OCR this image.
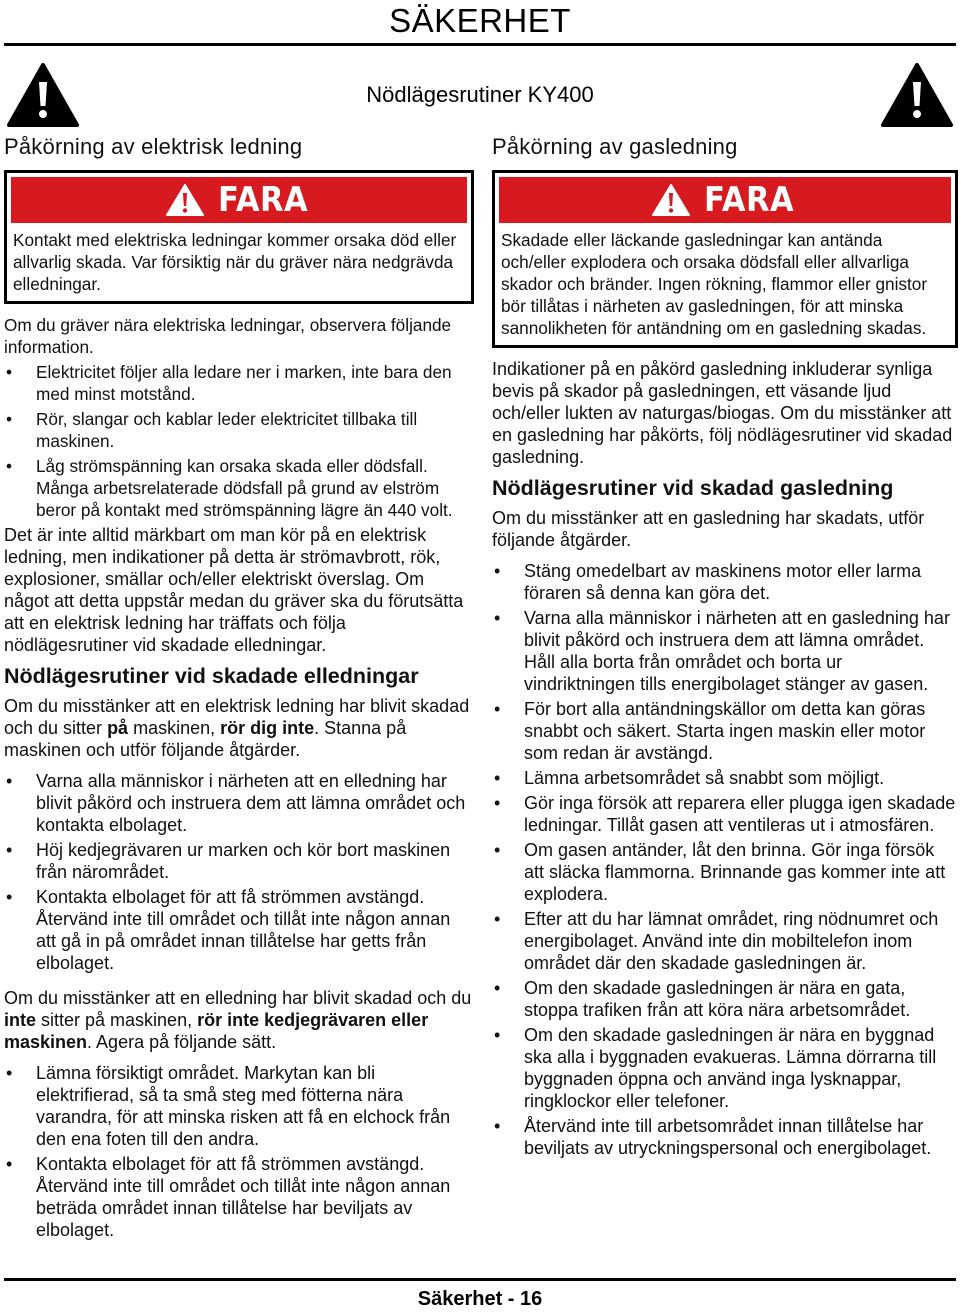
SÄKERHET
Nödlägesrutiner KY400
Påkörning av elektrisk ledning
FARA
Kontakt med elektriska ledningar kommer orsaka död eller allvarlig skada. Var försiktig när du gräver nära nedgrävda elledningar.

Om du gräver nära elektriska ledningar, observera följande information.

• Elektricitet följer alla ledare ner i marken, inte bara den med minst motstånd.
• Rör, slangar och kablar leder elektricitet tillbaka till maskinen.
• Låg strömspänning kan orsaka skada eller dödsfall. Många arbetsrelaterade dödsfall på grund av elström beror på kontakt med strömspänning lägre än 440 volt.

Det är inte alltid märkbart om man kör på en elektrisk ledning, men indikationer på detta är strömavbrott, rök, explosioner, smällar och/eller elektriskt överslag. Om något att detta uppstår medan du gräver ska du förutsätta att en elektrisk ledning har träffats och följa nödlägesrutiner vid skadade elledningar.

Nödlägesrutiner vid skadade elledningar

Om du misstänker att en elektrisk ledning har blivit skadad och du sitter på maskinen, rör dig inte. Stanna på maskinen och utför följande åtgärder.

• Varna alla människor i närheten att en elledning har blivit påkörd och instruera dem att lämna området och kontakta elbolaget.
• Höj kedjegrävaren ur marken och kör bort maskinen från närområdet.
• Kontakta elbolaget för att få strömmen avstängd. Återvänd inte till området och tillåt inte någon annan att gå in på området innan tillåtelse har getts från elbolaget.

Om du misstänker att en elledning har blivit skadad och du inte sitter på maskinen, rör inte kedjegrävaren eller maskinen. Agera på följande sätt.

• Lämna försiktigt området. Markytan kan bli elektrifierad, så ta små steg med fötterna nära varandra, för att minska risken att få en elchock från den ena foten till den andra.
• Kontakta elbolaget för att få strömmen avstängd. Återvänd inte till området och tillåt inte någon annan beträda området innan tillåtelse har beviljats av elbolaget.
Påkörning av gasledning
FARA
Skadade eller läckande gasledningar kan antända och/eller explodera och orsaka dödsfall eller allvarliga skador och bränder. Ingen rökning, flammor eller gnistor bör tillåtas i närheten av gasledningen, för att minska sannolikheten för antändning om en gasledning skadas.

Indikationer på en påkörd gasledning inkluderar synliga bevis på skador på gasledningen, ett väsande ljud och/eller lukten av naturgas/biogas. Om du misstänker att en gasledning har påkörts, följ nödlägesrutiner vid skadad gasledning.

Nödlägesrutiner vid skadad gasledning

Om du misstänker att en gasledning har skadats, utför följande åtgärder.

• Stäng omedelbart av maskinens motor eller larma föraren så denna kan göra det.
• Varna alla människor i närheten att en gasledning har blivit påkörd och instruera dem att lämna området. Håll alla borta från området och borta ur vindriktningen tills energibolaget stänger av gasen.
• För bort alla antändningskällor om detta kan göras snabbt och säkert. Starta ingen maskin eller motor som redan är avstängd.
• Lämna arbetsområdet så snabbt som möjligt.
• Gör inga försök att reparera eller plugga igen skadade ledningar. Tillåt gasen att ventileras ut i atmosfären.
• Om gasen antänder, låt den brinna. Gör inga försök att släcka flammorna. Brinnande gas kommer inte att explodera.
• Efter att du har lämnat området, ring nödnumret och energibolaget. Använd inte din mobiltelefon inom området där den skadade gasledningen är.
• Om den skadade gasledningen är nära en gata, stoppa trafiken från att köra nära arbetsområdet.
• Om den skadade gasledningen är nära en byggnad ska alla i byggnaden evakueras. Lämna dörrarna till byggnaden öppna och använd inga lysknappar, ringklockor eller telefoner.
• Återvänd inte till arbetsområdet innan tillåtelse har beviljats av utryckningspersonal och energibolaget.
Säkerhet - 16
